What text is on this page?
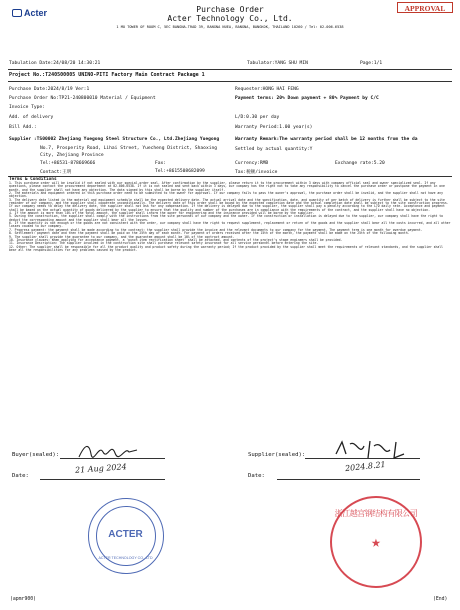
Acter	Purchase Order
Acter Technology Co., Ltd.
1 MO TOWER OF ROOM C, 5EC BANGNA-TRAD 39, BANGNA NUEA, BANGNA, BANGKOK, THAILAND 10260 / Tel: 02-006-6538
APPROVAL
Tabulation Date:24/08/20 14:30:21	Tabulator:YANG SHU MIN	Page:1/1
Project No.:T240500005 UNINO-PITI Factory Main Contract Package 1
Purchase Date:2024/8/19 Ver:1
Purchase Order No:TP21-240800010 Material / Equipment
Invoice Type:
Add. of delivery
Bill Add.:
Requester:HONG HAI FENG
Payment terms: 20% Down payment + 80% Payment by C/C
L/D:0.30 per day
Warranty Period:1.00 year(s)
Supplier :TS00002 Zhejiang Yuegong Steel Structure Co., Ltd.Zhejiang Yuegong
No.7, Prosperity Road, Lihai Street, Yuecheng District, Shaoxing
City, Zhejiang Province
Tel:+86531-878669666	Fax:
Contact:王明	Tel:+8615508682099
Warranty Remark:The warranty period shall be 12 months from the da
Settled by actual quantity:Y
Currency:RMB	Exchange rate:5.20
Tax:税额/invoice
Terms & Conditions

1. This purchase order will be invalid if not sealed with our special-order seal. After confirmation by the supplier, please return it to the procurement within 3 days with company official seal and owner specialized seal. If any questions, please contact the procurement department at 02-006-6538. If it is not sealed and sent back within 3 days, our company has the right not to take any responsibility to cancel the purchase order or postpone the payment in one month, and the supplier shall not have any objection. The data signed by this shall be borne by the supplier itself.

2. The materials and equipment ordered in this purchase order need to be submitted to the owner for approval. If our company fails to pass the owner's approval, the purchase order shall be invalid, and the supplier shall not have any objection.

3. The delivery date listed in the material and equipment schedule shall be the expected delivery date. The actual arrival date and the specification, date, and quantity of per batch of delivery is further shall be subject to the site reminder of our company, and the supplier shall cooperate unconditionally. The delivery date of this order shall be bound by the expected completion date and the actual completion date shall be subject to the site construction progress. If our company needs to delay the delivery date, the supplier shall not ask for any compensation. If the delivery is delayed due to the supplier, the supplier shall pay a penalty according to the L/D daily rate. Acceptance and payment shall be based on the actual quantity of goods delivered by the supplier to ensure that the quality and number of the purchases are in compliance with the requirements of the contract, and the supplier shall have no objection.

4. If the amount is more than 10% of the total amount, the supplier shall inform the owner for engineering and the insurance provided will be borne by the supplier.

5. During the construction, the supplier shall comply with the instructions from the site personnel of our company and the owner. If the construction or installation is delayed due to the supplier, our company shall have the right to deduct the corresponding amount and the supplier shall bear all the losses.

6. If the quantity is not enough or the goods are not consistent with the order, our company shall have the right to request supplement, replacement or return of the goods and the supplier shall bear all the costs incurred, and all other losses caused to our company.

7. Progress payment: the payment shall be made according to the contract; the supplier shall provide the invoice and the relevant documents to our company for the payment. The payment term is one month for overdue payment.

8. Settlement: payment date and then the payment shall be paid on the 25th day of each month. For payment of orders received after the 15th of the month, the payment shall be made on the 25th of the following month.

9. The supplier shall provide the guarantee to our company, and the guarantee amount shall be 10% of the contract amount.

10. Insurance clauses: When applying for acceptance payment, a 'punch item rectification sheet' shall be attached, and contents of the project's stage engineers shall be provided.

11. Insurance Description: The supplier involved in the construction site shall purchase relevant safety insurance for all service personnel before entering the site.

12. Other: The supplier shall be responsible for all the product quality and product safety during the warranty period; If the product provided by the supplier shall meet the requirements of relevant standards, and the supplier shall bear all the responsibilities for any problems caused by the product.

Buyer(sealed):	Supplier(sealed):
Date:	Date:
21 Aug 2024	2024.8.21
ACTER
ACTER TECHNOLOGY CO., LTD
浙江越宫钢结构有限公司
★
(apmr900)	(End)
